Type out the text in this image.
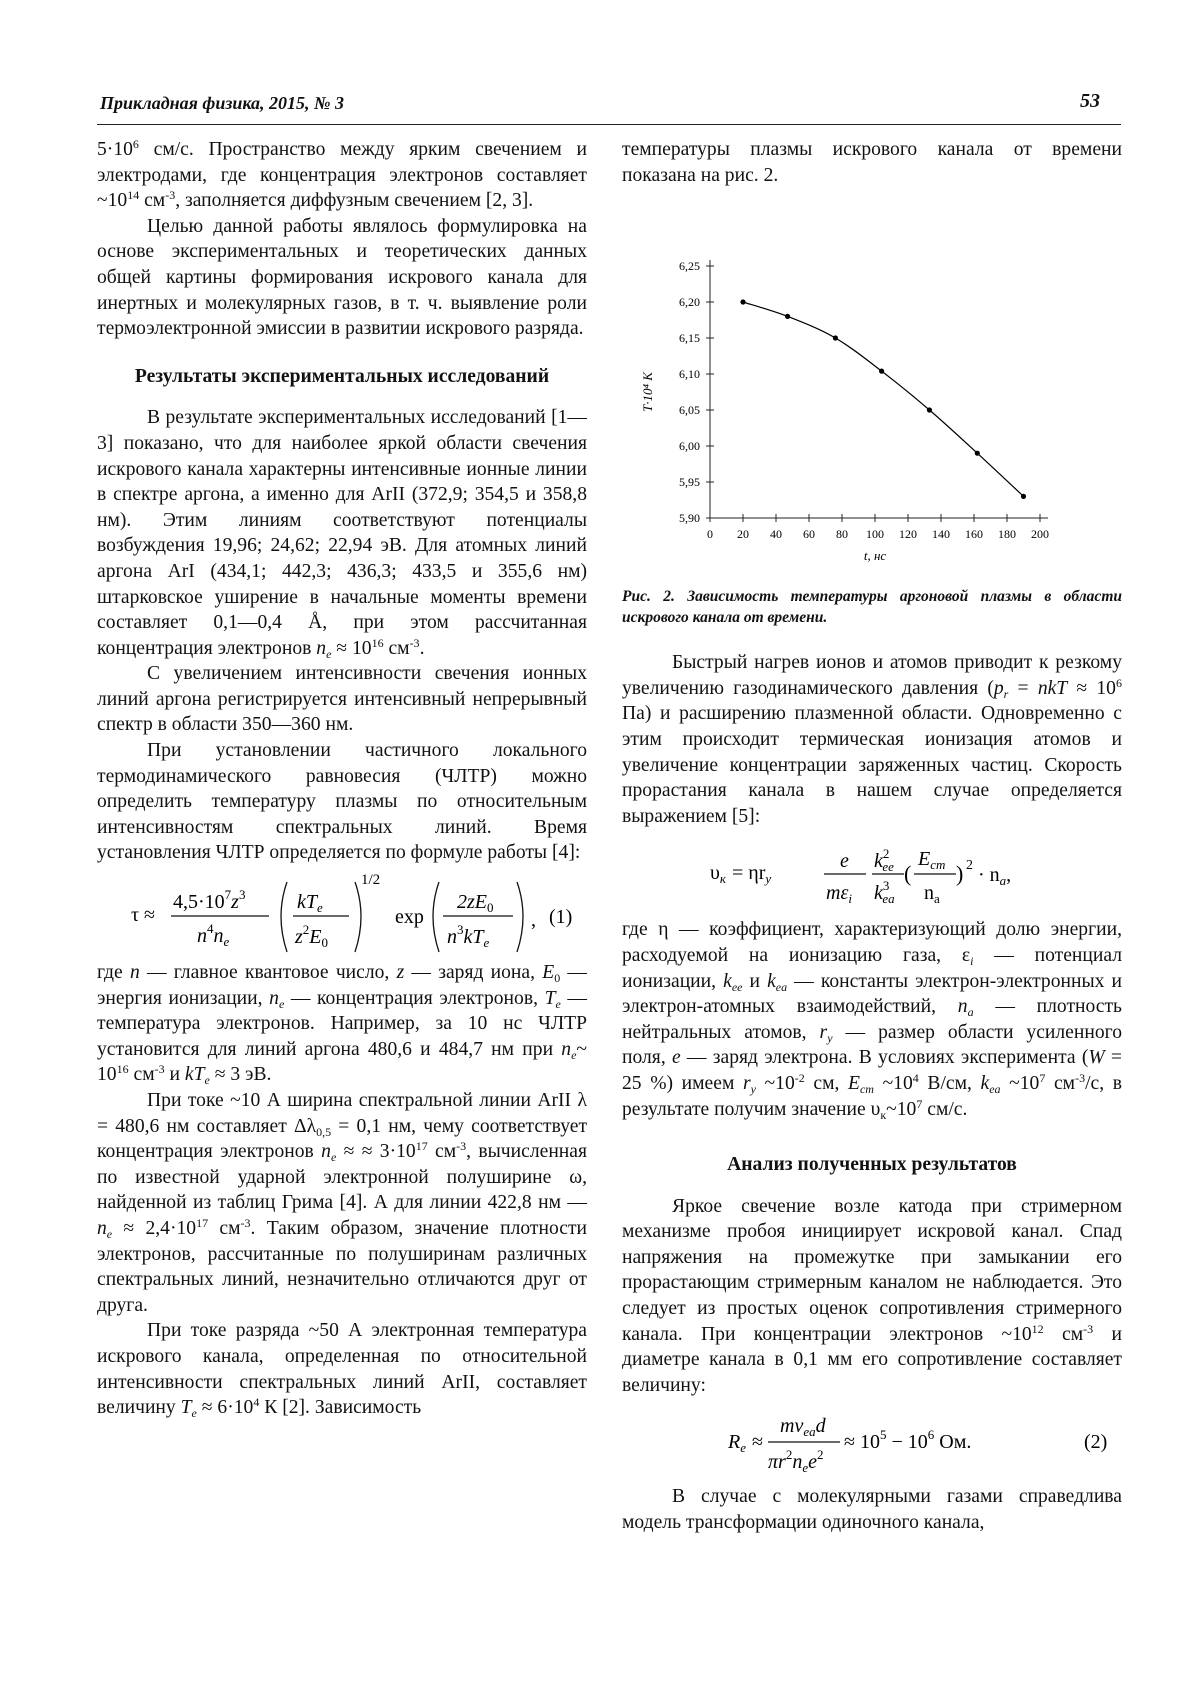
Прикладная физика, 2015, № 3	53

$5\cdot 10^6$ см/с. Пространство между ярким свечением и электродами, где концентрация электронов составляет $\sim 10^{14}$ $см^{-3}$, заполняется диффузным свечением [2, 3].

Целью данной работы являлось формулировка на основе экспериментальных и теоретических данных общей картины формирования искрового канала для инертных и молекулярных газов, в т. ч. выявление роли термоэлектронной эмиссии в развитии искрового разряда.

Результаты экспериментальных исследований

В результате экспериментальных исследований [1—3] показано, что для наиболее яркой области свечения искрового канала характерны интенсивные ионные линии в спектре аргона, а именно для ArII (372,9; 354,5 и 358,8 нм). Этим линиям соответствуют потенциалы возбуждения 19,96; 24,62; 22,94 эВ. Для атомных линий аргона ArI (434,1; 442,3; 436,3; 433,5 и 355,6 нм) штарковское уширение в начальные моменты времени составляет 0,1—0,4 Å, при этом рассчитанная концентрация электронов $n_e \approx 10^{16}$ $см^{-3}$.

С увеличением интенсивности свечения ионных линий аргона регистрируется интенсивный непрерывный спектр в области 350—360 нм.

При установлении частичного локального термодинамического равновесия (ЧЛТР) можно определить температуру плазмы по относительным интенсивностям спектральных линий. Время установления ЧЛТР определяется по формуле работы [4]:

τ ≈
$4,5\cdot 10^7z^3$
$n^4n_e$
$kT_e$
$z^2E_0$
1/2
exp
$2zE_0$
$n^3kT_e$
, (1)

где n — главное квантовое число, z — заряд иона, $E_0$ — энергия ионизации, $n_e$ — концентрация электронов, $T_e$ — температура электронов. Например, за 10 нс ЧЛТР установится для линий аргона 480,6 и 484,7 нм при $n_e\sim$ $10^{16}$ $см^{-3}$ и $kT_e \approx 3$ эВ.

При токе ~10 А ширина спектральной линии ArII λ = 480,6 нм составляет $\Delta\lambda_{0,5} = 0,1$ нм, чему соответствует концентрация электронов $n_e$ ≈ ≈ $3\cdot 10^{17}$ $см^{-3}$, вычисленная по известной ударной электронной полуширине ω, найденной из таблиц Грима [4]. А для линии 422,8 нм — $n_e \approx 2,4\cdot 10^{17}$ $см^{-3}$. Таким образом, значение плотности электронов, рассчитанные по полуширинам различных спектральных линий, незначительно отличаются друг от друга.

При токе разряда ~50 А электронная температура искрового канала, определенная по относительной интенсивности спектральных линий ArII, составляет величину $T_e \approx 6\cdot 10^4$ К [2]. Зависимость

температуры плазмы искрового канала от времени показана на рис. 2.

5,90
5,95
6,00
6,05
6,10
6,15
6,20
6,25
0 20 40 60 80 100 120 140 160 180 200
t, нс
T·10⁴ К

Рис. 2. Зависимость температуры аргоновой плазмы в области искрового канала от времени.

Быстрый нагрев ионов и атомов приводит к резкому увеличению газодинамического давления ($p_r$ = nkT ≈ $10^6$ Па) и расширению плазменной области. Одновременно с этим происходит термическая ионизация атомов и увеличение концентрации заряженных частиц. Скорость прорастания канала в нашем случае определяется выражением [5]:

$\upsilon_к = \eta r_у$
e
$m\varepsilon_i$
$k^2$ ee
$k^3$ ea
(
$E_{cm}$
$n_a$
) $2 \cdot n_a$,

где η — коэффициент, характеризующий долю энергии, расходуемой на ионизацию газа, $\varepsilon_i$ — потенциал ионизации, $k_{ee}$ и $k_{ea}$ — константы электрон-электронных и электрон-атомных взаимодействий, $n_a$ — плотность нейтральных атомов, $r_y$ — размер области усиленного поля, e — заряд электрона. В условиях эксперимента (W = 25 %) имеем $r_y$ $\sim 10^{-2}$ см, $E_{cm}$ $\sim 10^4$ В/см, $k_{ea}$ $\sim 10^7$ $см^{-3}/с$, в результате получим значение $\upsilon_к\sim 10^7$ см/с.

Анализ полученных результатов

Яркое свечение возле катода при стримерном механизме пробоя инициирует искровой канал. Спад напряжения на промежутке при замыкании его прорастающим стримерным каналом не наблюдается. Это следует из простых оценок сопротивления стримерного канала. При концентрации электронов $\sim 10^{12}$ $см^{-3}$ и диаметре канала в 0,1 мм его сопротивление составляет величину:

$R_e$ ≈
$m\nu_{ea}d$
$\pi r^2n_ee^2$
≈ $10^5 - 10^6$ Ом.	(2)

В случае с молекулярными газами справедлива модель трансформации одиночного канала,
